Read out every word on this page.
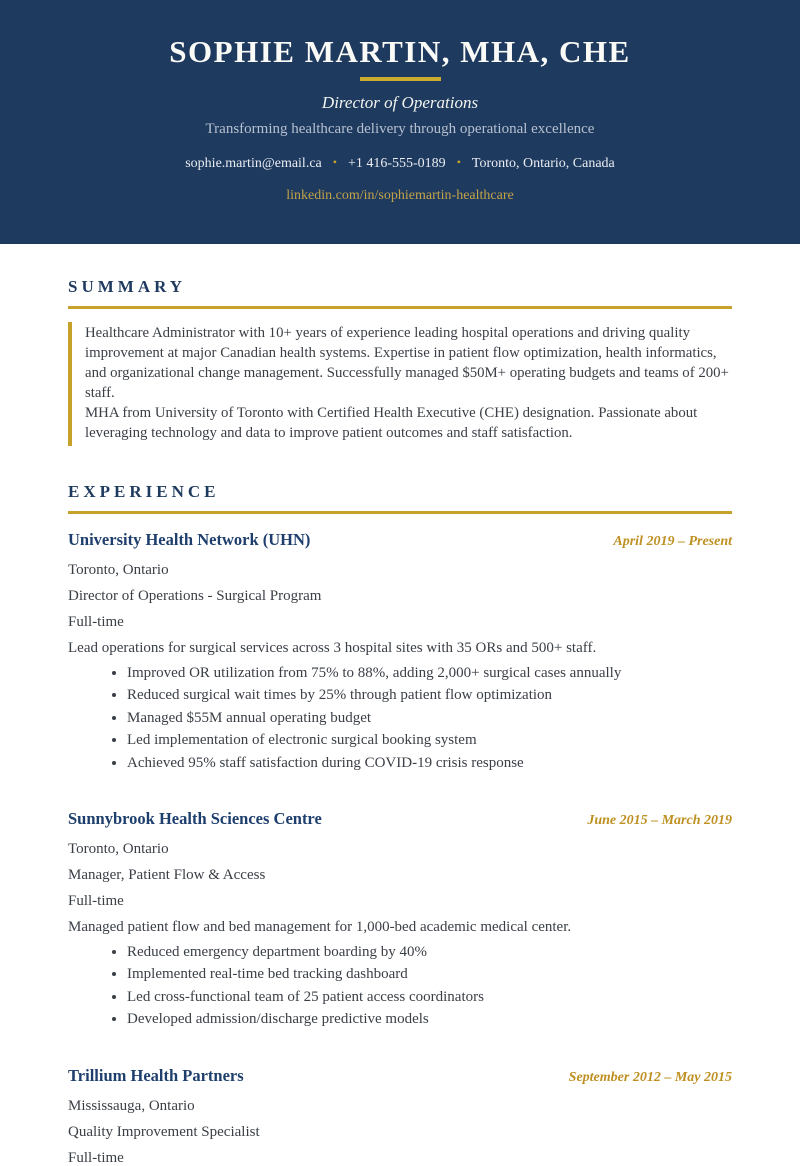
SOPHIE MARTIN, MHA, CHE
Director of Operations
Transforming healthcare delivery through operational excellence
sophie.martin@email.ca • +1 416-555-0189 • Toronto, Ontario, Canada
linkedin.com/in/sophiemartin-healthcare
SUMMARY

Healthcare Administrator with 10+ years of experience leading hospital operations and driving quality improvement at major Canadian health systems. Expertise in patient flow optimization, health informatics, and organizational change management. Successfully managed $50M+ operating budgets and teams of 200+ staff.

MHA from University of Toronto with Certified Health Executive (CHE) designation. Passionate about leveraging technology and data to improve patient outcomes and staff satisfaction.

EXPERIENCE
University Health Network (UHN)	April 2019 – Present
Toronto, Ontario
Director of Operations - Surgical Program
Full-time
Lead operations for surgical services across 3 hospital sites with 35 ORs and 500+ staff.
• Improved OR utilization from 75% to 88%, adding 2,000+ surgical cases annually
• Reduced surgical wait times by 25% through patient flow optimization
• Managed $55M annual operating budget
• Led implementation of electronic surgical booking system
• Achieved 95% staff satisfaction during COVID-19 crisis response
Sunnybrook Health Sciences Centre	June 2015 – March 2019
Toronto, Ontario
Manager, Patient Flow & Access
Full-time
Managed patient flow and bed management for 1,000-bed academic medical center.
• Reduced emergency department boarding by 40%
• Implemented real-time bed tracking dashboard
• Led cross-functional team of 25 patient access coordinators
• Developed admission/discharge predictive models
Trillium Health Partners	September 2012 – May 2015
Mississauga, Ontario
Quality Improvement Specialist
Full-time
